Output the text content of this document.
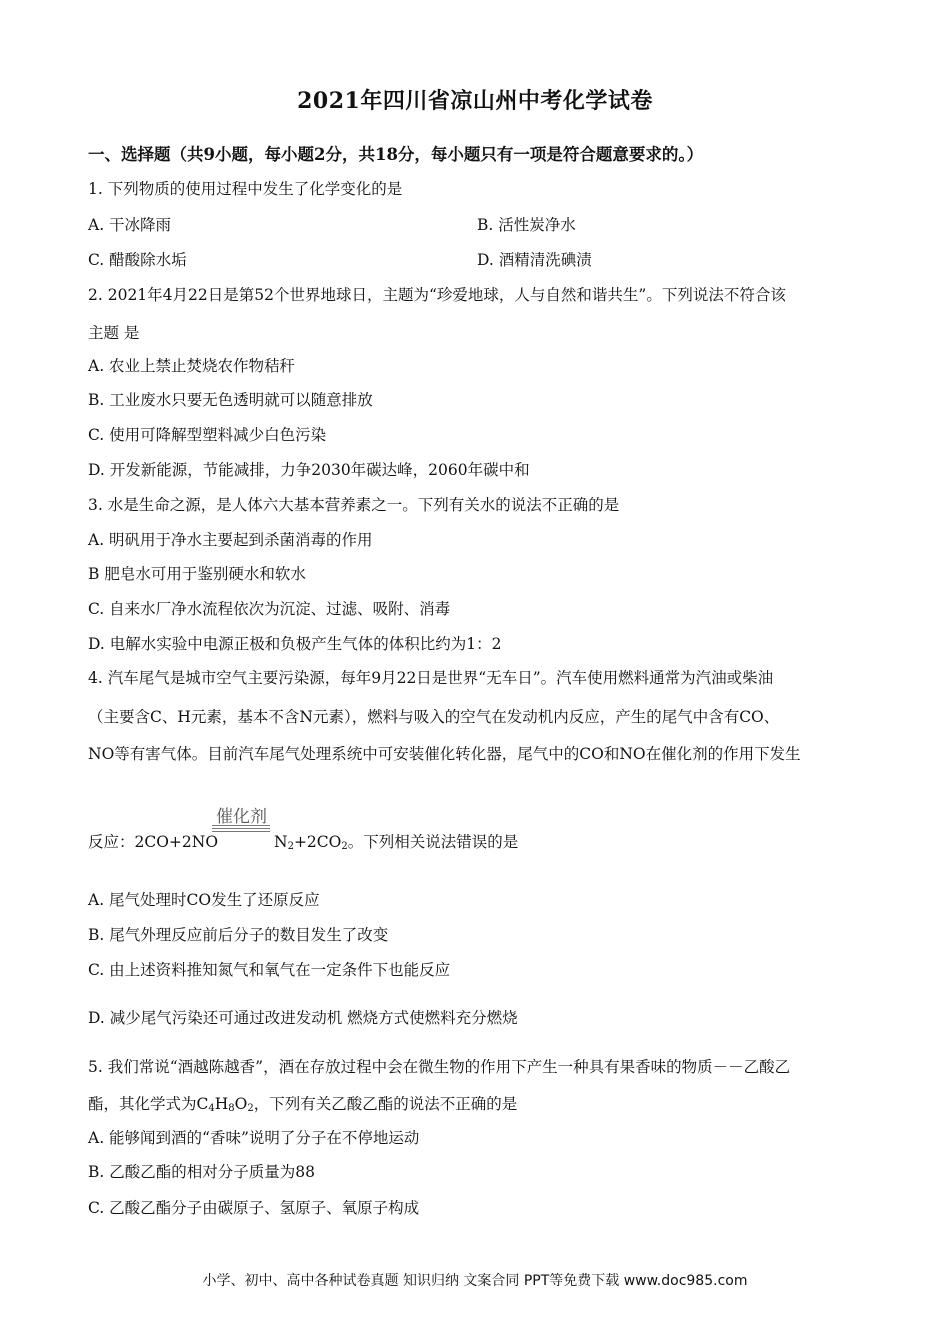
2021年四川省凉山州中考化学试卷
一、选择题（共9小题，每小题2分，共18分，每小题只有一项是符合题意要求的。）
1. 下列物质的使用过程中发生了化学变化的是
A. 干冰降雨	B. 活性炭净水
C. 醋酸除水垢	D. 酒精清洗碘渍
2. 2021年4月22日是第52个世界地球日，主题为“珍爱地球，人与自然和谐共生”。下列说法不符合该
主题 是
A. 农业上禁止焚烧农作物秸秆
B. 工业废水只要无色透明就可以随意排放
C. 使用可降解型塑料减少白色污染
D. 开发新能源，节能减排，力争2030年碳达峰，2060年碳中和
3. 水是生命之源，是人体六大基本营养素之一。下列有关水的说法不正确的是
A. 明矾用于净水主要起到杀菌消毒的作用
B 肥皂水可用于鉴别硬水和软水
C. 自来水厂净水流程依次为沉淀、过滤、吸附、消毒
D. 电解水实验中电源正极和负极产生气体的体积比约为1：2
4. 汽车尾气是城市空气主要污染源，每年9月22日是世界“无车日”。汽车使用燃料通常为汽油或柴油
（主要含C、H元素，基本不含N元素），燃料与吸入的空气在发动机内反应，产生的尾气中含有CO、
NO等有害气体。目前汽车尾气处理系统中可安装催化转化器，尾气中的CO和NO在催化剂的作用下发生
反应：2CO+2NO
催化剂
$N_2+2CO_2$。下列相关说法错误的是
A. 尾气处理时CO发生了还原反应
B. 尾气外理反应前后分子的数目发生了改变
C. 由上述资料推知氮气和氧气在一定条件下也能反应
D. 减少尾气污染还可通过改进发动机 燃烧方式使燃料充分燃烧
5. 我们常说“酒越陈越香”，酒在存放过程中会在微生物的作用下产生一种具有果香味的物质－－乙酸乙
酯，其化学式为$C_4H_8O_2$，下列有关乙酸乙酯的说法不正确的是
A. 能够闻到酒的“香味”说明了分子在不停地运动
B. 乙酸乙酯的相对分子质量为88
C. 乙酸乙酯分子由碳原子、氢原子、氧原子构成
小学、初中、高中各种试卷真题 知识归纳 文案合同 PPT等免费下载 www.doc985.com
